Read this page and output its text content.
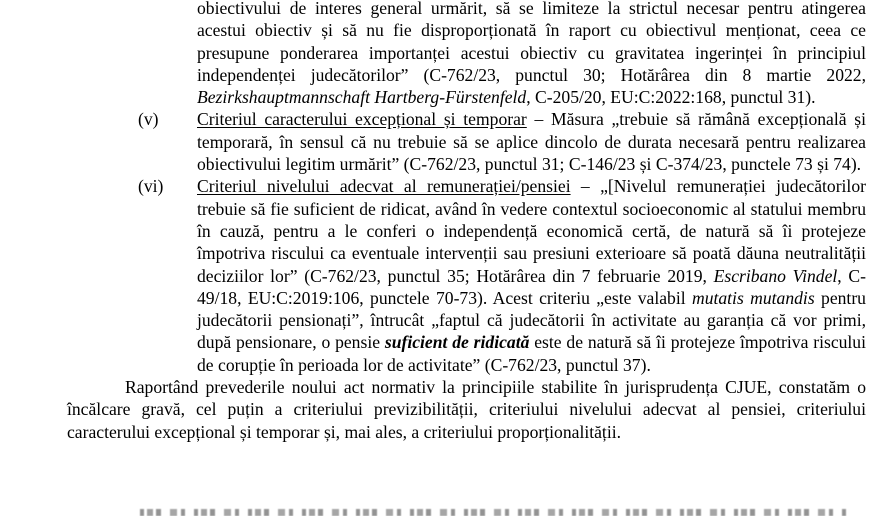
obiectivului de interes general urmărit, să se limiteze la strictul necesar pentru atingerea acestui obiectiv și să nu fie disproporționată în raport cu obiectivul menționat, ceea ce presupune ponderarea importanței acestui obiectiv cu gravitatea ingerinței în principiul independenței judecătorilor” (C-762/23, punctul 30; Hotărârea din 8 martie 2022, Bezirkshauptmannschaft Hartberg-Fürstenfeld, C-205/20, EU:C:2022:168, punctul 31).

(v) Criteriul caracterului excepțional și temporar – Măsura „trebuie să rămână excepțională și temporară, în sensul că nu trebuie să se aplice dincolo de durata necesară pentru realizarea obiectivului legitim urmărit” (C-762/23, punctul 31; C-146/23 și C-374/23, punctele 73 și 74).

(vi) Criteriul nivelului adecvat al remunerației/pensiei – „[Nivelul remunerației judecătorilor trebuie să fie suficient de ridicat, având în vedere contextul socioeconomic al statului membru în cauză, pentru a le conferi o independență economică certă, de natură să îi protejeze împotriva riscului ca eventuale intervenții sau presiuni exterioare să poată dăuna neutralității deciziilor lor” (C-762/23, punctul 35; Hotărârea din 7 februarie 2019, Escribano Vindel, C-49/18, EU:C:2019:106, punctele 70-73). Acest criteriu „este valabil mutatis mutandis pentru judecătorii pensionați”, întrucât „faptul că judecătorii în activitate au garanția că vor primi, după pensionare, o pensie suficient de ridicată este de natură să îi protejeze împotriva riscului de corupție în perioada lor de activitate” (C-762/23, punctul 37).

Raportând prevederile noului act normativ la principiile stabilite în jurisprudența CJUE, constatăm o încălcare gravă, cel puțin a criteriului previzibilității, criteriului nivelului adecvat al pensiei, criteriului caracterului excepțional și temporar și, mai ales, a criteriului proporționalității.
